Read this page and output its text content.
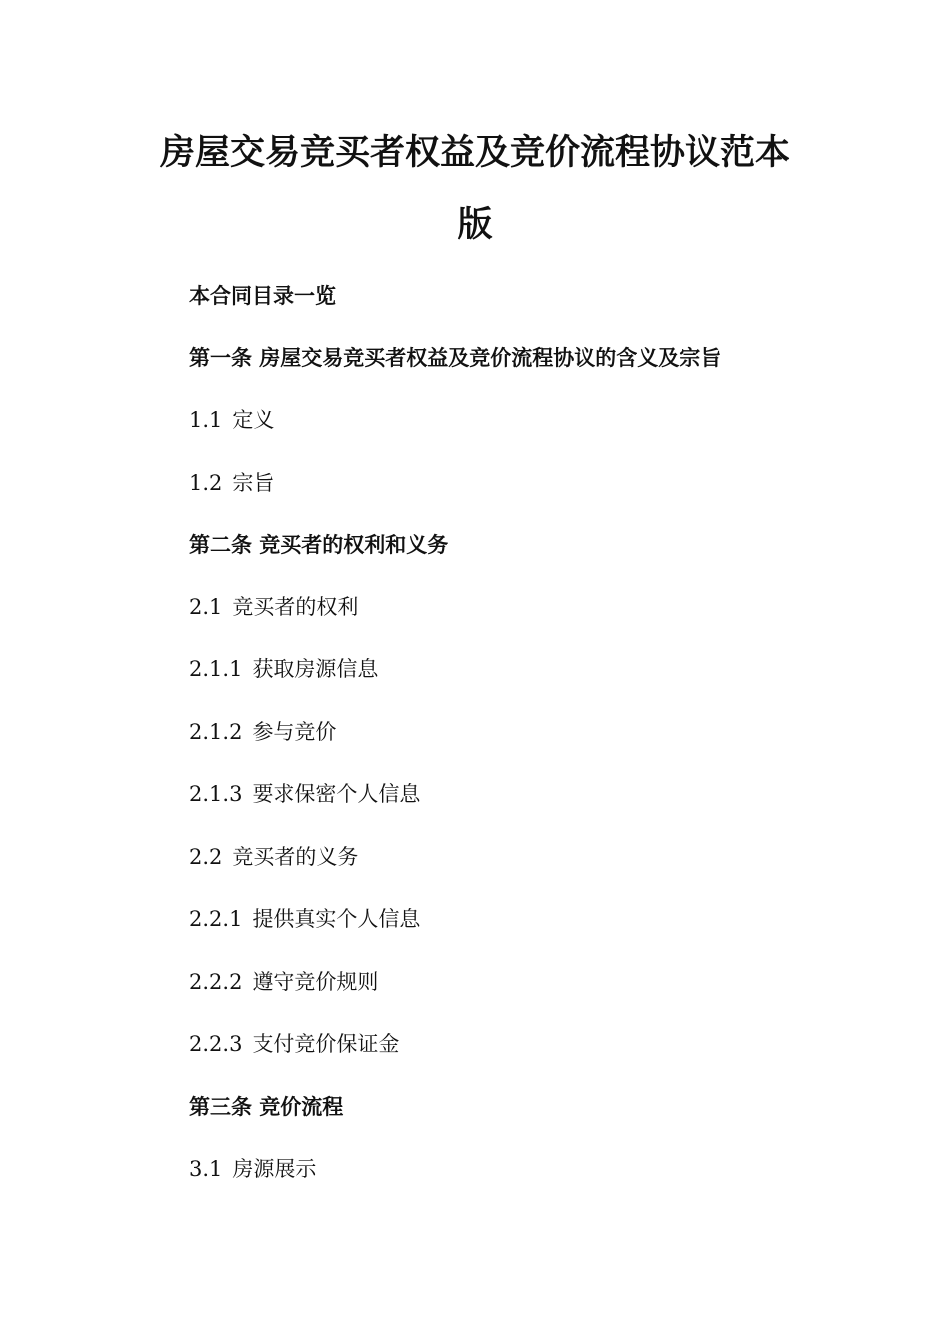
房屋交易竞买者权益及竞价流程协议范本
版

本合同目录一览

第一条 房屋交易竞买者权益及竞价流程协议的含义及宗旨

1.1 定义

1.2 宗旨

第二条 竞买者的权利和义务

2.1 竞买者的权利

2.1.1 获取房源信息

2.1.2 参与竞价

2.1.3 要求保密个人信息

2.2 竞买者的义务

2.2.1 提供真实个人信息

2.2.2 遵守竞价规则

2.2.3 支付竞价保证金

第三条 竞价流程

3.1 房源展示
